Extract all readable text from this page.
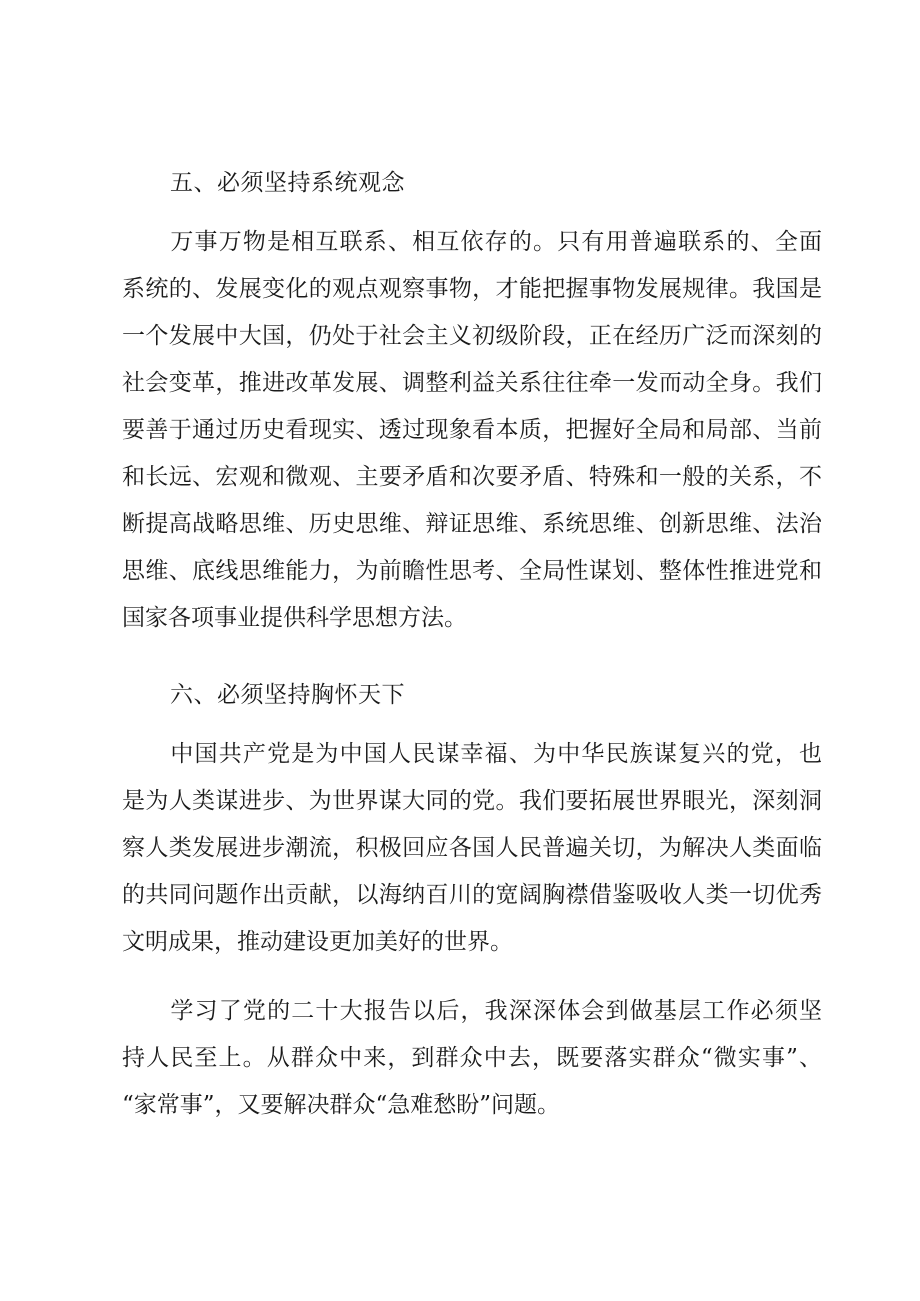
五、必须坚持系统观念
　　万事万物是相互联系、相互依存的。只有用普遍联系的、全面
系统的、发展变化的观点观察事物，才能把握事物发展规律。我国是
一个发展中大国，仍处于社会主义初级阶段，正在经历广泛而深刻的
社会变革，推进改革发展、调整利益关系往往牵一发而动全身。我们
要善于通过历史看现实、透过现象看本质，把握好全局和局部、当前
和长远、宏观和微观、主要矛盾和次要矛盾、特殊和一般的关系，不
断提高战略思维、历史思维、辩证思维、系统思维、创新思维、法治
思维、底线思维能力，为前瞻性思考、全局性谋划、整体性推进党和
国家各项事业提供科学思想方法。
六、必须坚持胸怀天下
　　中国共产党是为中国人民谋幸福、为中华民族谋复兴的党，也
是为人类谋进步、为世界谋大同的党。我们要拓展世界眼光，深刻洞
察人类发展进步潮流，积极回应各国人民普遍关切，为解决人类面临
的共同问题作出贡献，以海纳百川的宽阔胸襟借鉴吸收人类一切优秀
文明成果，推动建设更加美好的世界。
　　学习了党的二十大报告以后，我深深体会到做基层工作必须坚
持人民至上。从群众中来，到群众中去，既要落实群众“微实事”、
“家常事”，又要解决群众“急难愁盼”问题。
